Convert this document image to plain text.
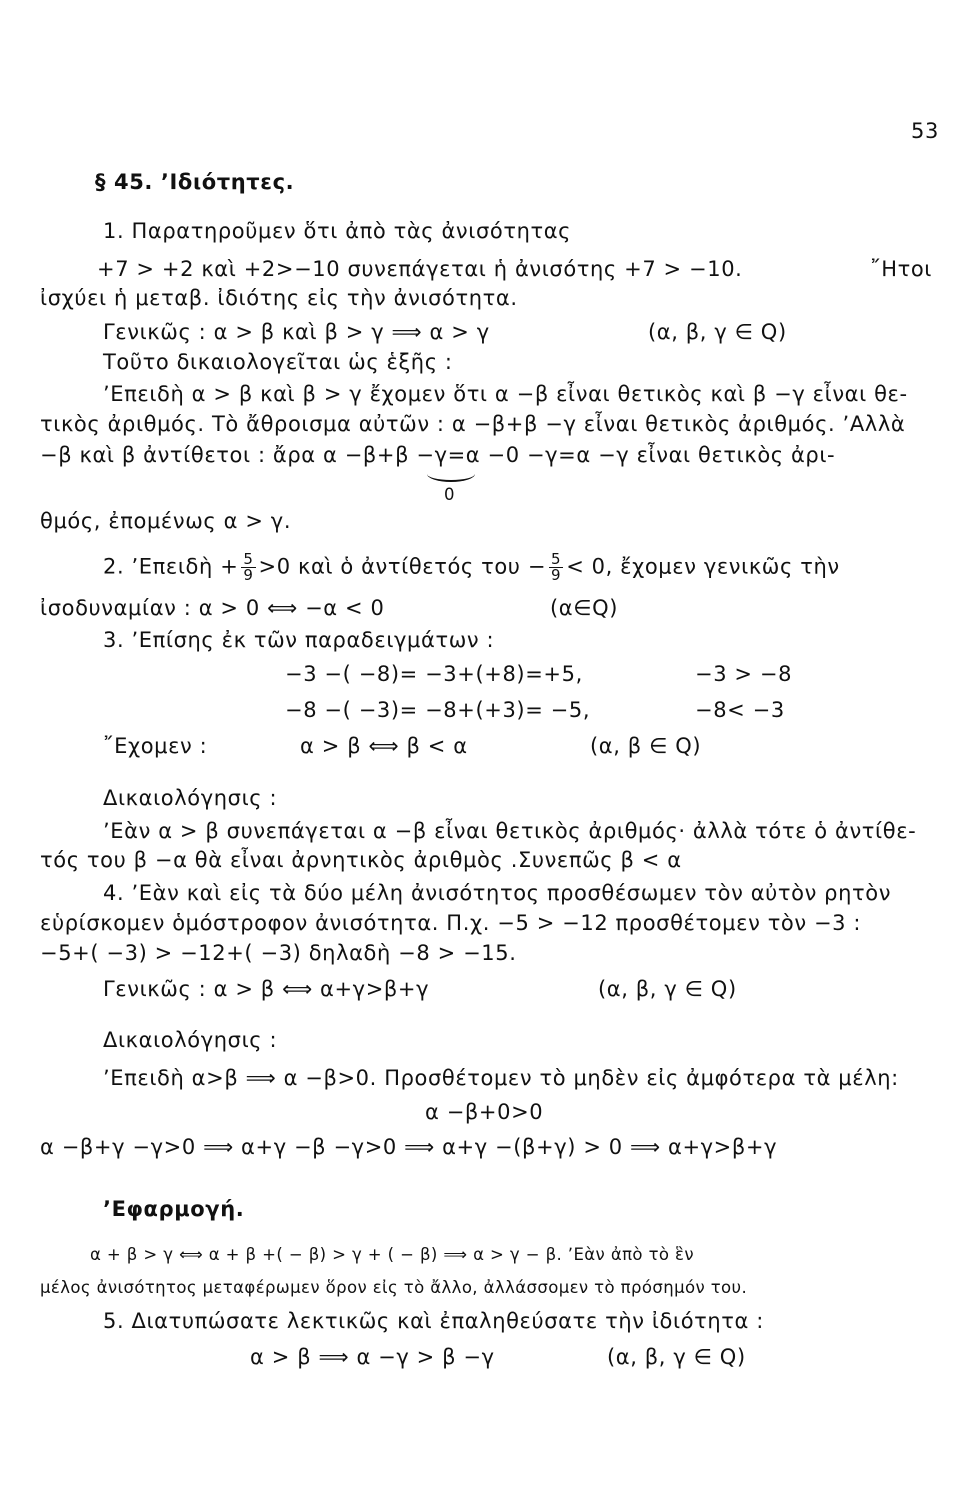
53
§ 45. ʼΙδιότητες.
1. Παρατηροῦμεν ὅτι ἀπὸ τὰς ἀνισότητας
+7 > +2 καὶ +2>−10 συνεπάγεται ἡ ἀνισότης +7 > −10.	῎Ητοι
ἰσχύει ἡ μεταβ. ἰδιότης εἰς τὴν ἀνισότητα.
Γενικῶς : α > β καὶ β > γ ⟹ α > γ	(α, β, γ ∈ Q)
Τοῦτο δικαιολογεῖται ὡς ἑξῆς :
ʼΕπειδὴ α > β καὶ β > γ ἔχομεν ὅτι α −β εἶναι θετικὸς καὶ β −γ εἶναι θε-
τικὸς ἀριθμός. Τὸ ἄθροισμα αὐτῶν : α −β+β −γ εἶναι θετικὸς ἀριθμός. ʼΑλλὰ
−β καὶ β ἀντίθετοι : ἄρα α −β+β −γ=α −0 −γ=α −γ εἶναι θετικὸς ἀρι-
0
θμός, ἐπομένως α > γ.
2. ʼΕπειδὴ + $\frac{5}{9} >0$ καὶ ὁ ἀντίθετός $\tau o\upsilon - \frac{5}{9} < 0$, ἔχομεν γενικῶς τὴν
ἰσοδυναμίαν : α > 0 ⟺ −α < 0	(α∈Q)
3. ʼΕπίσης ἐκ τῶν παραδειγμάτων :
−3 −( −8)= −3+(+8)=+5,	−3 > −8
−8 −( −3)= −8+(+3)= −5,	−8< −3
῎Εχομεν :	α > β ⟺ β < α	(α, β ∈ Q)
Δικαιολόγησις :
ʼΕὰν α > β συνεπάγεται α −β εἶναι θετικὸς ἀριθμός· ἀλλὰ τότε ὁ ἀντίθε-
τός του β −α θὰ εἶναι ἀρνητικὸς ἀριθμὸς .Συνεπῶς β < α
4. ʼΕὰν καὶ εἰς τὰ δύο μέλη ἀνισότητος προσθέσωμεν τὸν αὐτὸν ρητὸν
εὑρίσκομεν ὁμόστροφον ἀνισότητα. Π.χ. −5 > −12 προσθέτομεν τὸν −3 :
−5+( −3) > −12+( −3) δηλαδὴ −8 > −15.
Γενικῶς : α > β ⟺ α+γ>β+γ	(α, β, γ ∈ Q)
Δικαιολόγησις :
ʼΕπειδὴ α>β ⟹ α −β>0. Προσθέτομεν τὸ μηδὲν εἰς ἀμφότερα τὰ μέλη:
α −β+0>0
α −β+γ −γ>0 ⟹ α+γ −β −γ>0 ⟹ α+γ −(β+γ) > 0 ⟹ α+γ>β+γ
ʼΕφαρμογή.
α + β > γ ⟺ α + β +( − β) > γ + ( − β) ⟹ α > γ − β. ʼΕὰν ἀπὸ τὸ ἓν
μέλος ἀνισότητος μεταφέρωμεν ὅρον εἰς τὸ ἄλλο, ἀλλάσσομεν τὸ πρόσημόν του.
5. Διατυπώσατε λεκτικῶς καὶ ἐπαληθεύσατε τὴν ἰδιότητα :
α > β ⟹ α −γ > β −γ	(α, β, γ ∈ Q)
